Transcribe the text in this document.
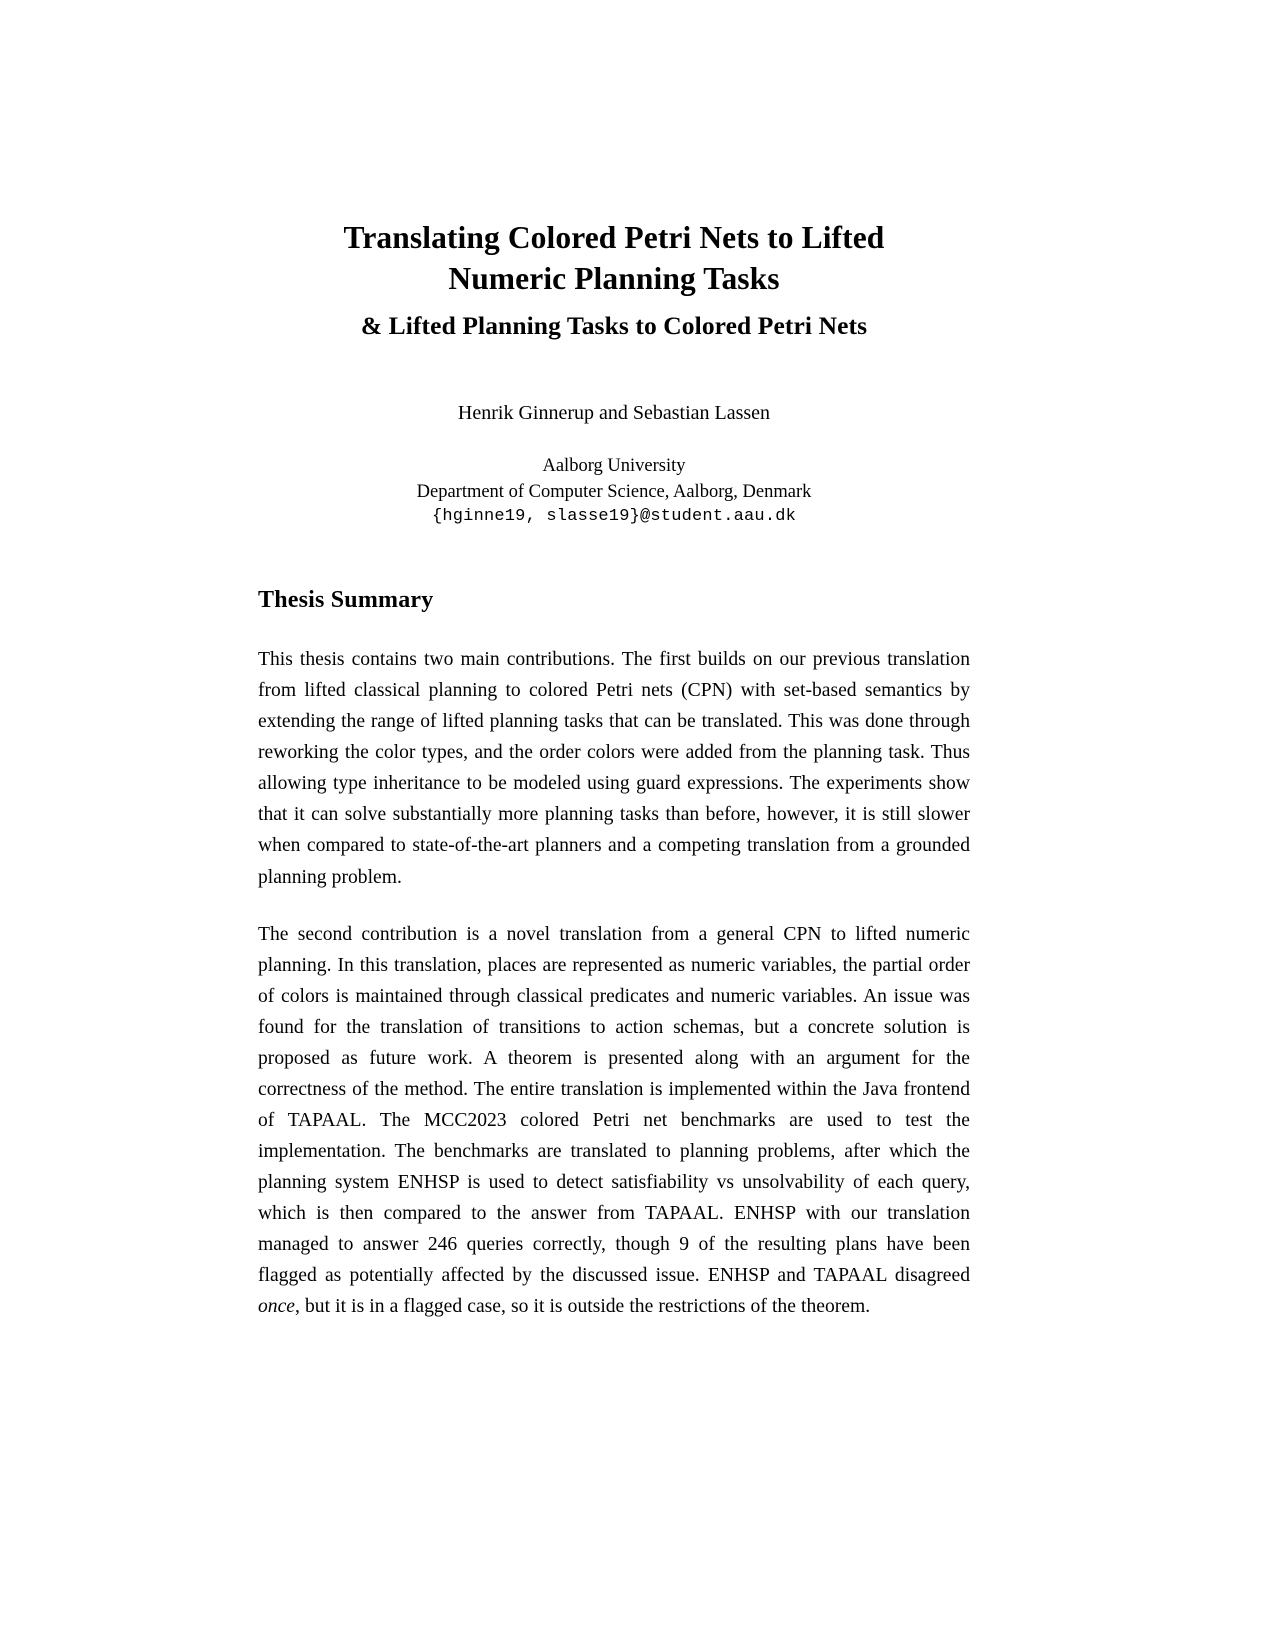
Translating Colored Petri Nets to Lifted
Numeric Planning Tasks
& Lifted Planning Tasks to Colored Petri Nets
Henrik Ginnerup and Sebastian Lassen
Aalborg University
Department of Computer Science, Aalborg, Denmark
{hginne19, slasse19}@student.aau.dk
Thesis Summary

This thesis contains two main contributions. The first builds on our previous translation from lifted classical planning to colored Petri nets (CPN) with set-based semantics by extending the range of lifted planning tasks that can be translated. This was done through reworking the color types, and the order colors were added from the planning task. Thus allowing type inheritance to be modeled using guard expressions. The experiments show that it can solve substantially more planning tasks than before, however, it is still slower when compared to state-of-the-art planners and a competing translation from a grounded planning problem.

The second contribution is a novel translation from a general CPN to lifted numeric planning. In this translation, places are represented as numeric variables, the partial order of colors is maintained through classical predicates and numeric variables. An issue was found for the translation of transitions to action schemas, but a concrete solution is proposed as future work. A theorem is presented along with an argument for the correctness of the method. The entire translation is implemented within the Java frontend of TAPAAL. The MCC2023 colored Petri net benchmarks are used to test the implementation. The benchmarks are translated to planning problems, after which the planning system ENHSP is used to detect satisfiability vs unsolvability of each query, which is then compared to the answer from TAPAAL. ENHSP with our translation managed to answer 246 queries correctly, though 9 of the resulting plans have been flagged as potentially affected by the discussed issue. ENHSP and TAPAAL disagreed once, but it is in a flagged case, so it is outside the restrictions of the theorem.
